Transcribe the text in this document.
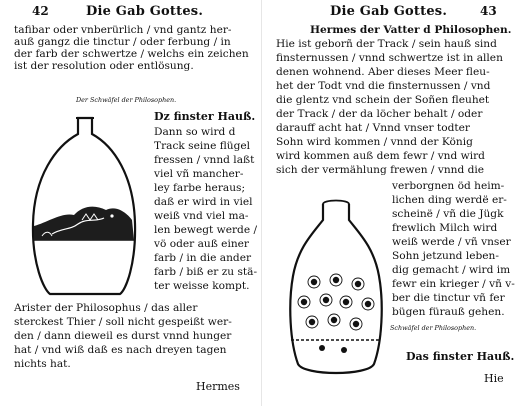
42	Die Gab Gottes.
tafibar oder vnberürlich / vnd gantz her-
auß gangz die tinctur / oder ferbung / in
der farb der schwertze / welchs ein zeichen
ist der resolution oder entlösung.
Der Schwäfel der Philosophen.
Dz finster Hauß.
Dann so wird d
Track seine flügel
fressen / vnnd laßt
viel vñ mancher-
ley farbe heraus;
daß er wird in viel
weiß vnd viel ma-
len bewegt werde /
vö oder auß einer
farb / in die ander
farb / biß er zu stä-
ter weisse kompt.
Arister der Philosophus / das aller
sterckest Thier / soll nicht gespeißt wer-
den / dann dieweil es durst vnnd hunger
hat / vnd wiß daß es nach dreyen tagen
nichts hat.
Hermes
Die Gab Gottes.	43
Hermes der Vatter d Philosophen.
Hie ist geborñ der Track / sein hauß sind
finsternussen / vnnd schwertze ist in allen
denen wohnend. Aber dieses Meer fleu-
het der Todt vnd die finsternussen / vnd
die glentz vnd schein der Soñen fleuhet
der Track / der da löcher behalt / oder
darauff acht hat / Vnnd vnser todter
Sohn wird kommen / vnnd der König
wird kommen auß dem fewr / vnd wird
sich der vermählung frewen / vnnd die
verborgnen öd heim-
lichen ding werdë er-
scheinë / vñ die Jügk
frewlich Milch wird
weiß werde / vñ vnser
Sohn jetzund leben-
dig gemacht / wird im
fewr ein krieger / vñ v-
ber die tinctur vñ fer
bügen fürauß gehen.
Schwäfel der Philosophen.
Das finster Hauß.
Hie
